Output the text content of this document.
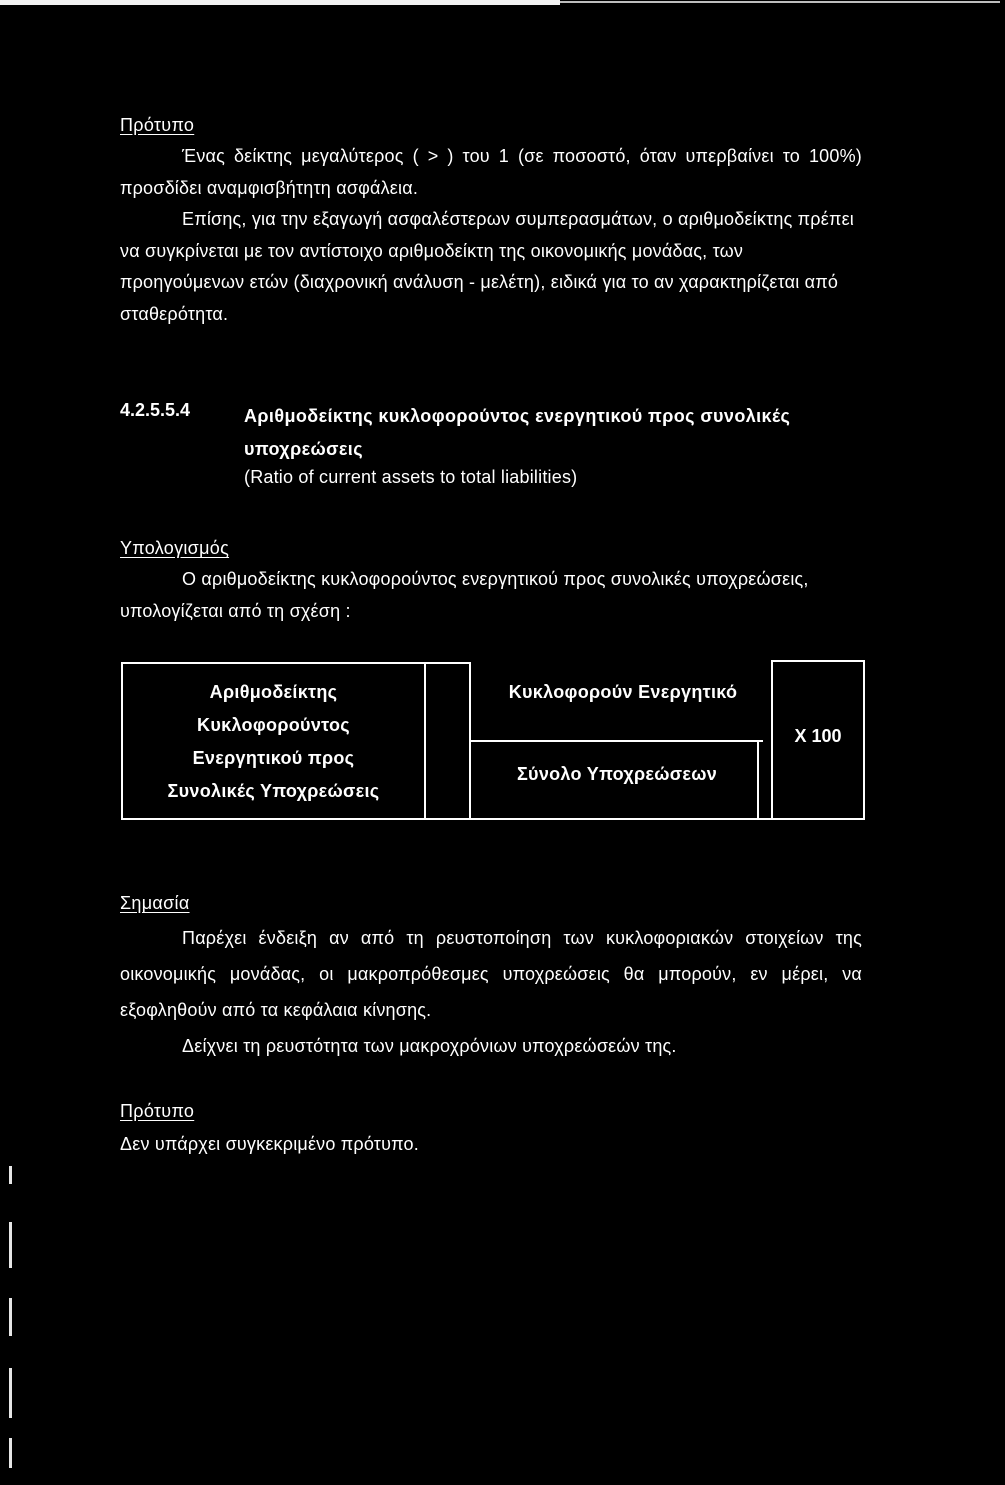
Πρότυπο

Ένας δείκτης μεγαλύτερος ( > ) του 1 (σε ποσοστό, όταν υπερβαίνει το 100%) προσδίδει αναμφισβήτητη ασφάλεια.

Επίσης, για την εξαγωγή ασφαλέστερων συμπερασμάτων, ο αριθμοδείκτης πρέπει να συγκρίνεται με τον αντίστοιχο αριθμοδείκτη της οικονομικής μονάδας, των προηγούμενων ετών (διαχρονική ανάλυση - μελέτη), ειδικά για το αν χαρακτηρίζεται από σταθερότητα.

4.2.5.5.4	Αριθμοδείκτης κυκλοφορούντος ενεργητικού προς συνολικές υποχρεώσεις
(Ratio of current assets to total liabilities)
Υπολογισμός

Ο αριθμοδείκτης κυκλοφορούντος ενεργητικού προς συνολικές υποχρεώσεις, υπολογίζεται από τη σχέση :

Αριθμοδείκτης
Κυκλοφορούντος
Ενεργητικού προς
Συνολικές Υποχρεώσεις
Κυκλοφορούν Ενεργητικό
Σύνολο Υποχρεώσεων
Χ 100
Σημασία

Παρέχει ένδειξη αν από τη ρευστοποίηση των κυκλοφοριακών στοιχείων της οικονομικής μονάδας, οι μακροπρόθεσμες υποχρεώσεις θα μπορούν, εν μέρει, να εξοφληθούν από τα κεφάλαια κίνησης.

Δείχνει τη ρευστότητα των μακροχρόνιων υποχρεώσεών της.

Πρότυπο

Δεν υπάρχει συγκεκριμένο πρότυπο.
